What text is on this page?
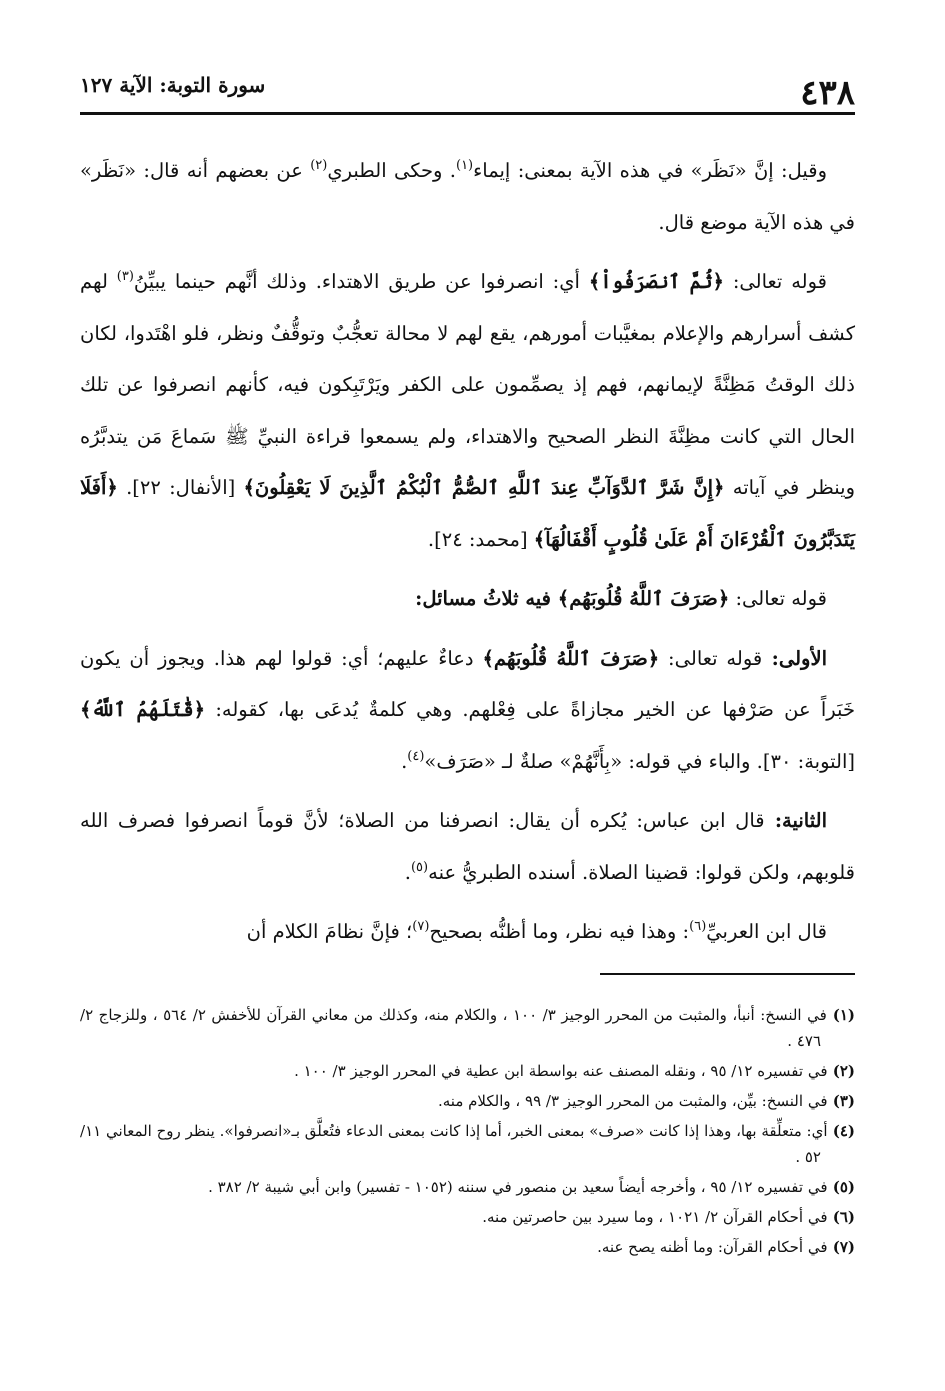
٤٣٨
سورة التوبة: الآية ١٢٧

وقيل: إنَّ «نَظَر» في هذه الآية بمعنى: إيماء$^{(١)}$. وحكى الطبري$^{(٢)}$ عن بعضهم أنه قال: «نَظَر» في هذه الآية موضع قال.

قوله تعالى: ﴿ثُمَّ ٱنصَرَفُواْ﴾ أي: انصرفوا عن طريق الاهتداء. وذلك أنَّهم حينما يبيِّنُ$^{(٣)}$ لهم كشف أسرارهم والإعلام بمغيَّبات أمورهم، يقع لهم لا محالة تعجُّبٌ وتوقُّفٌ ونظر، فلو اهْتَدوا، لكان ذلك الوقتُ مَظِنَّةً لإيمانهم، فهم إذ يصمِّمون على الكفر ويَرْتَبِكون فيه، كأنهم انصرفوا عن تلك الحال التي كانت مظِنَّةَ النظر الصحيح والاهتداء، ولم يسمعوا قراءة النبيِّ ﷺ سَماعَ مَن يتدبَّرُه وينظر في آياته ﴿إِنَّ شَرَّ ٱلدَّوَآبِّ عِندَ ٱللَّهِ ٱلصُّمُّ ٱلْبُكْمُ ٱلَّذِينَ لَا يَعْقِلُونَ﴾ [الأنفال: ٢٢]. ﴿أَفَلَا يَتَدَبَّرُونَ ٱلْقُرْءَانَ أَمْ عَلَىٰ قُلُوبٍ أَقْفَالُهَآ﴾ [محمد: ٢٤].

قوله تعالى: ﴿صَرَفَ ٱللَّهُ قُلُوبَهُم﴾ فيه ثلاثُ مسائل:

الأولى: قوله تعالى: ﴿صَرَفَ ٱللَّهُ قُلُوبَهُم﴾ دعاءٌ عليهم؛ أي: قولوا لهم هذا. ويجوز أن يكون خَبَراً عن صَرْفها عن الخير مجازاةً على فِعْلهم. وهي كلمةٌ يُدعَى بها، كقوله: ﴿قَٰتَلَهُمُ ٱللَّهُ﴾ [التوبة: ٣٠]. والباء في قوله: «بِأَنَّهُمْ» صلةٌ لـ «صَرَف»$^{(٤)}$.

الثانية: قال ابن عباس: يُكره أن يقال: انصرفنا من الصلاة؛ لأنَّ قوماً انصرفوا فصرف الله قلوبهم، ولكن قولوا: قضينا الصلاة. أسنده الطبريُّ عنه$^{(٥)}$.

قال ابن العربيِّ$^{(٦)}$: وهذا فيه نظر، وما أظنُّه بصحيح$^{(٧)}$؛ فإنَّ نظامَ الكلام أن

(١) في النسخ: أنبأ، والمثبت من المحرر الوجيز ٣/ ١٠٠ ، والكلام منه، وكذلك من معاني القرآن للأخفش ٢/ ٥٦٤ ، وللزجاج ٢/ ٤٧٦ .
(٢) في تفسيره ١٢/ ٩٥ ، ونقله المصنف عنه بواسطة ابن عطية في المحرر الوجيز ٣/ ١٠٠ .
(٣) في النسخ: بيِّن، والمثبت من المحرر الوجيز ٣/ ٩٩ ، والكلام منه.
(٤) أي: متعلِّقة بها، وهذا إذا كانت «صرف» بمعنى الخبر، أما إذا كانت بمعنى الدعاء فتُعلَّق بـ«انصرفوا». ينظر روح المعاني ١١/ ٥٢ .
(٥) في تفسيره ١٢/ ٩٥ ، وأخرجه أيضاً سعيد بن منصور في سننه (١٠٥٢ - تفسير) وابن أبي شيبة ٢/ ٣٨٢ .
(٦) في أحكام القرآن ٢/ ١٠٢١ ، وما سيرد بين حاصرتين منه.
(٧) في أحكام القرآن: وما أظنه يصح عنه.
